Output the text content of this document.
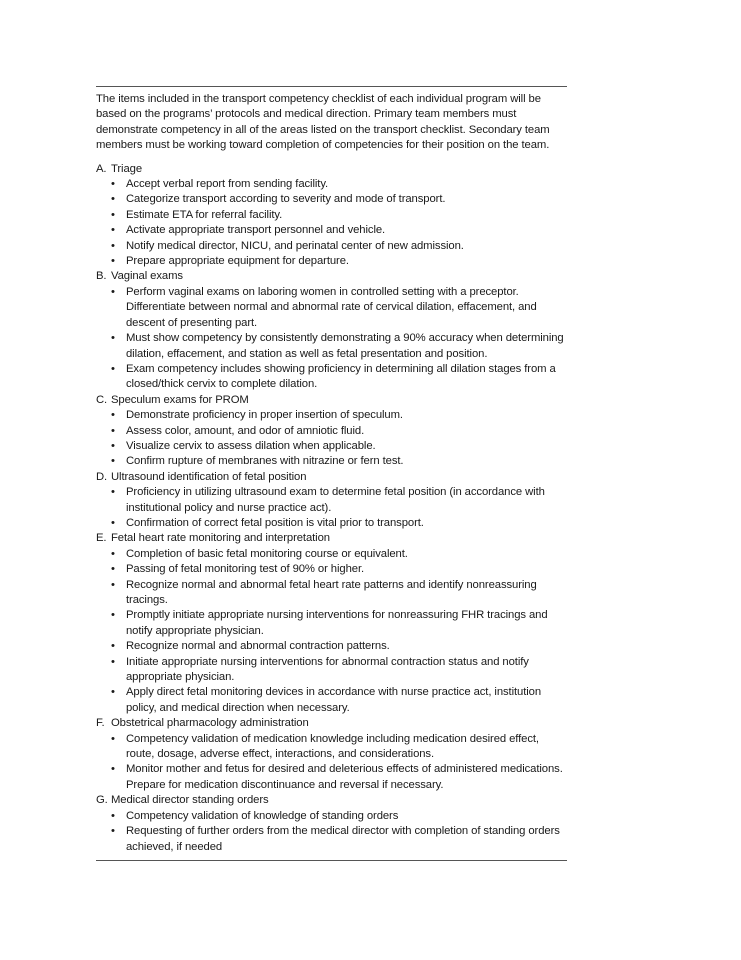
The items included in the transport competency checklist of each individual program will be based on the programs’ protocols and medical direction. Primary team members must demonstrate competency in all of the areas listed on the transport checklist. Secondary team members must be working toward completion of competencies for their position on the team.

A. Triage
• Accept verbal report from sending facility.
• Categorize transport according to severity and mode of transport.
• Estimate ETA for referral facility.
• Activate appropriate transport personnel and vehicle.
• Notify medical director, NICU, and perinatal center of new admission.
• Prepare appropriate equipment for departure.
B. Vaginal exams
• Perform vaginal exams on laboring women in controlled setting with a preceptor. Differentiate between normal and abnormal rate of cervical dilation, effacement, and descent of presenting part.
• Must show competency by consistently demonstrating a 90% accuracy when determining dilation, effacement, and station as well as fetal presentation and position.
• Exam competency includes showing proficiency in determining all dilation stages from a closed/thick cervix to complete dilation.
C. Speculum exams for PROM
• Demonstrate proficiency in proper insertion of speculum.
• Assess color, amount, and odor of amniotic fluid.
• Visualize cervix to assess dilation when applicable.
• Confirm rupture of membranes with nitrazine or fern test.
D. Ultrasound identification of fetal position
• Proficiency in utilizing ultrasound exam to determine fetal position (in accordance with institutional policy and nurse practice act).
• Confirmation of correct fetal position is vital prior to transport.
E. Fetal heart rate monitoring and interpretation
• Completion of basic fetal monitoring course or equivalent.
• Passing of fetal monitoring test of 90% or higher.
• Recognize normal and abnormal fetal heart rate patterns and identify nonreassuring tracings.
• Promptly initiate appropriate nursing interventions for nonreassuring FHR tracings and notify appropriate physician.
• Recognize normal and abnormal contraction patterns.
• Initiate appropriate nursing interventions for abnormal contraction status and notify appropriate physician.
• Apply direct fetal monitoring devices in accordance with nurse practice act, institution policy, and medical direction when necessary.
F. Obstetrical pharmacology administration
• Competency validation of medication knowledge including medication desired effect, route, dosage, adverse effect, interactions, and considerations.
• Monitor mother and fetus for desired and deleterious effects of administered medications. Prepare for medication discontinuance and reversal if necessary.
G. Medical director standing orders
• Competency validation of knowledge of standing orders
• Requesting of further orders from the medical director with completion of standing orders achieved, if needed
